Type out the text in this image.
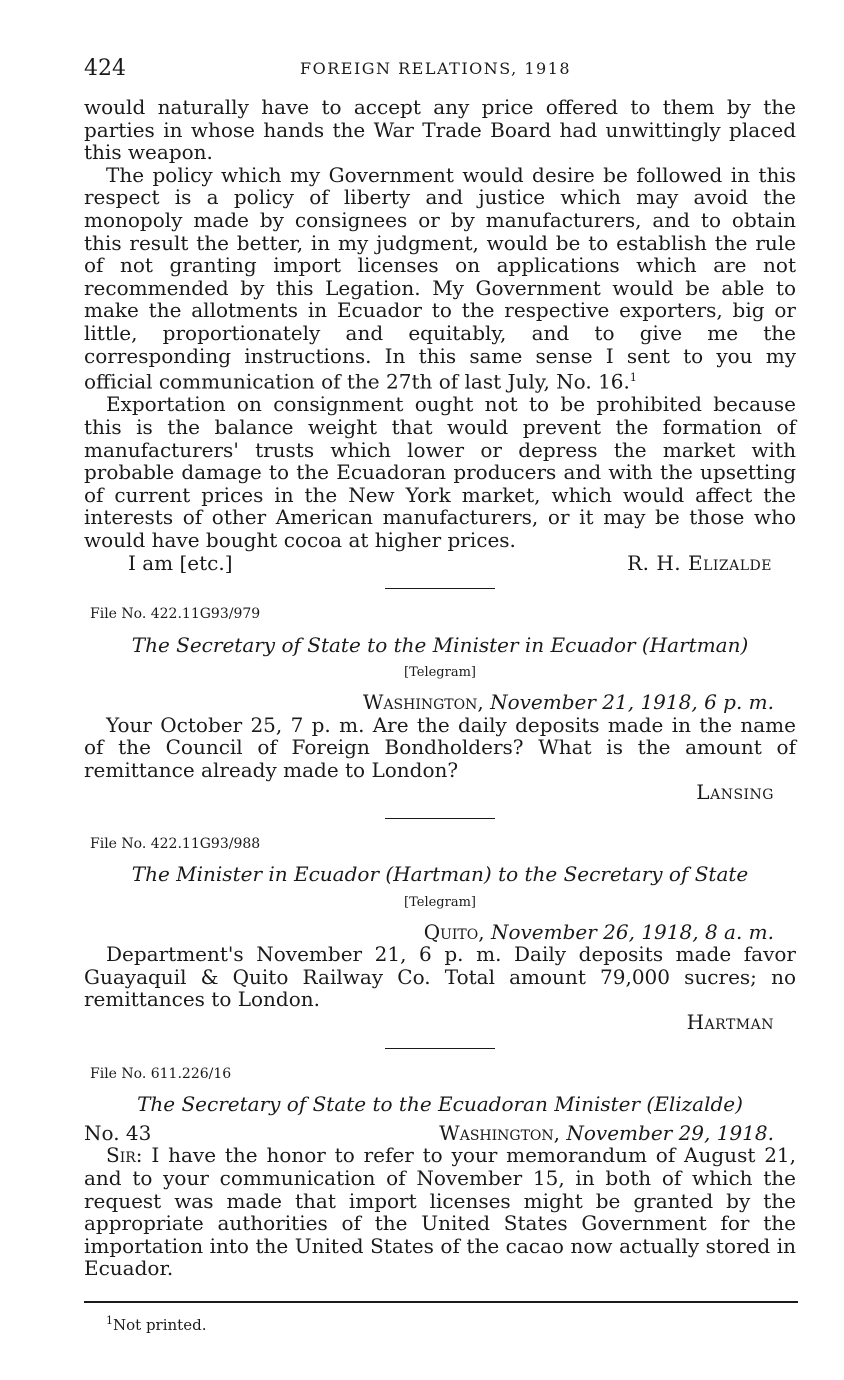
424	FOREIGN RELATIONS, 1918

would naturally have to accept any price offered to them by the parties in whose hands the War Trade Board had unwittingly placed this weapon.

The policy which my Government would desire be followed in this respect is a policy of liberty and justice which may avoid the monopoly made by consignees or by manufacturers, and to obtain this result the better, in my judgment, would be to establish the rule of not granting import licenses on applications which are not recommended by this Legation. My Government would be able to make the allotments in Ecuador to the respective exporters, big or little, proportionately and equitably, and to give me the corresponding instructions. In this same sense I sent to you my official communication of the 27th of last July, No. 16.$^1$

Exportation on consignment ought not to be prohibited because this is the balance weight that would prevent the formation of manufacturers' trusts which lower or depress the market with probable damage to the Ecuadoran producers and with the upsetting of current prices in the New York market, which would affect the interests of other American manufacturers, or it may be those who would have bought cocoa at higher prices.

I am [etc.]	R. H. Elizalde
File No. 422.11G93/979
The Secretary of State to the Minister in Ecuador (Hartman)
[Telegram]
Washington, November 21, 1918, 6 p. m.

Your October 25, 7 p. m. Are the daily deposits made in the name of the Council of Foreign Bondholders? What is the amount of remittance already made to London?

Lansing
File No. 422.11G93/988
The Minister in Ecuador (Hartman) to the Secretary of State
[Telegram]
Quito, November 26, 1918, 8 a. m.

Department's November 21, 6 p. m. Daily deposits made favor Guayaquil & Quito Railway Co. Total amount 79,000 sucres; no remittances to London.

Hartman
File No. 611.226/16
The Secretary of State to the Ecuadoran Minister (Elizalde)
No. 43	Washington, November 29, 1918.

Sir: I have the honor to refer to your memorandum of August 21, and to your communication of November 15, in both of which the request was made that import licenses might be granted by the appropriate authorities of the United States Government for the importation into the United States of the cacao now actually stored in Ecuador.

$^1$Not printed.
